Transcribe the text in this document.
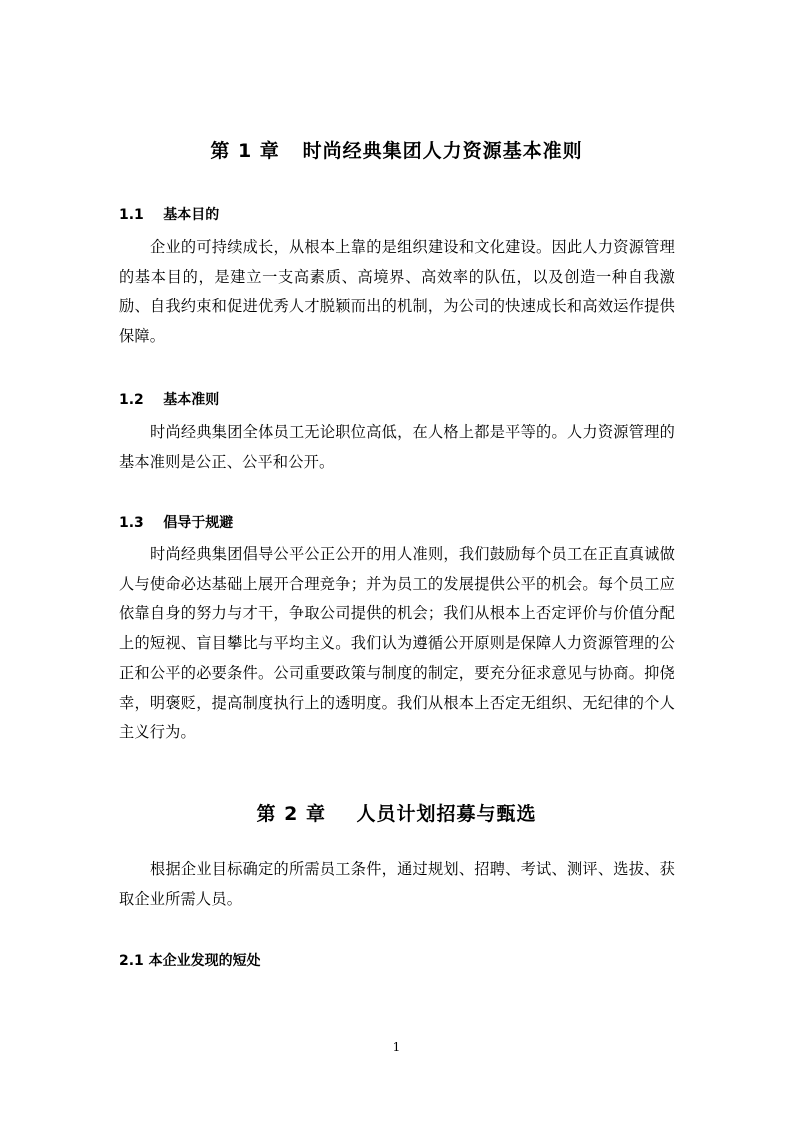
第 1 章   时尚经典集团人力资源基本准则
1.1    基本目的

企业的可持续成长，从根本上靠的是组织建设和文化建设。因此人力资源管理的基本目的，是建立一支高素质、高境界、高效率的队伍，以及创造一种自我激励、自我约束和促进优秀人才脱颖而出的机制，为公司的快速成长和高效运作提供保障。

1.2    基本准则

时尚经典集团全体员工无论职位高低，在人格上都是平等的。人力资源管理的基本准则是公正、公平和公开。

1.3    倡导于规避

时尚经典集团倡导公平公正公开的用人准则，我们鼓励每个员工在正直真诚做人与使命必达基础上展开合理竞争；并为员工的发展提供公平的机会。每个员工应依靠自身的努力与才干，争取公司提供的机会；我们从根本上否定评价与价值分配上的短视、盲目攀比与平均主义。我们认为遵循公开原则是保障人力资源管理的公正和公平的必要条件。公司重要政策与制度的制定，要充分征求意见与协商。抑侥幸，明褒贬，提高制度执行上的透明度。我们从根本上否定无组织、无纪律的个人主义行为。

第 2 章    人员计划招募与甄选

根据企业目标确定的所需员工条件，通过规划、招聘、考试、测评、选拔、获取企业所需人员。

2.1 本企业发现的短处
1
